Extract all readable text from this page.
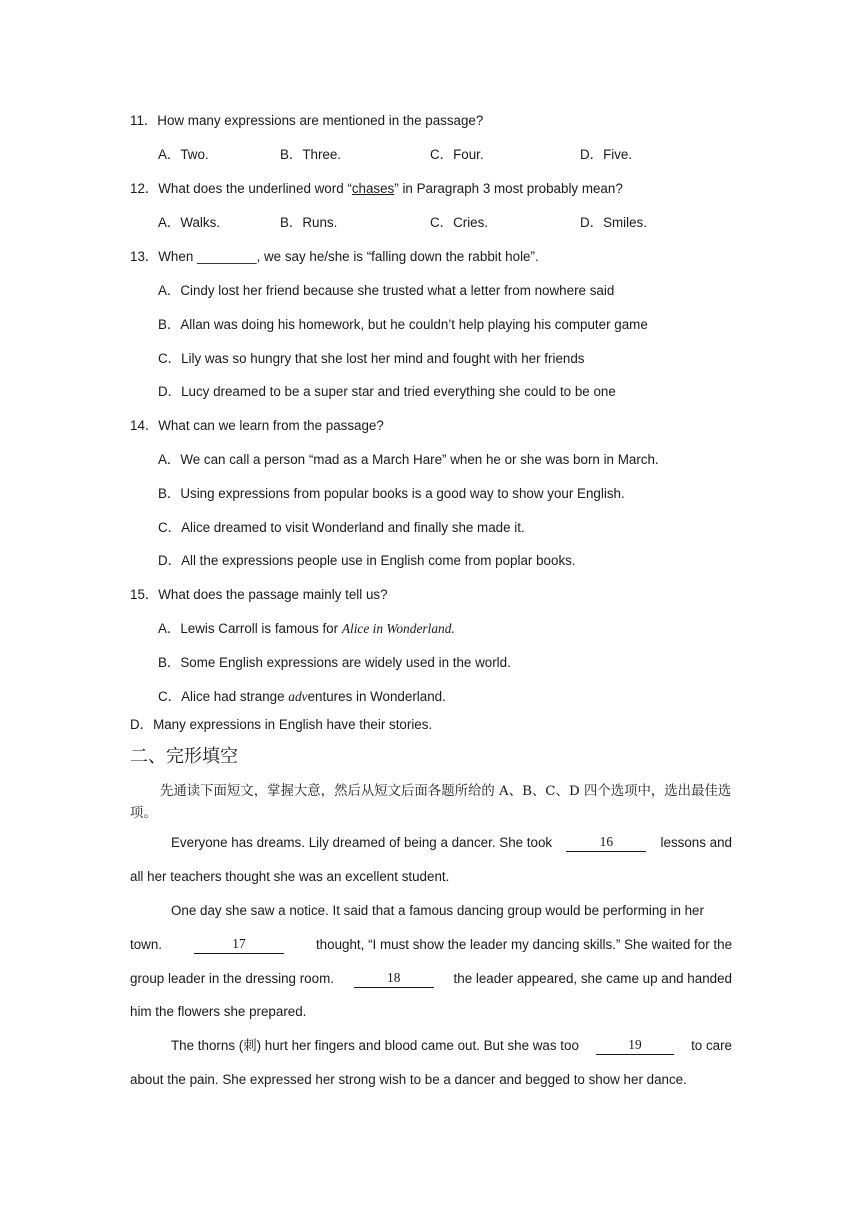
11．How many expressions are mentioned in the passage?
A．Two.	B．Three.	C．Four.	D．Five.
12．What does the underlined word “chases” in Paragraph 3 most probably mean?
A．Walks.	B．Runs.	C．Cries.	D．Smiles.
13．When ________, we say he/she is “falling down the rabbit hole”.
A．Cindy lost her friend because she trusted what a letter from nowhere said
B．Allan was doing his homework, but he couldn’t help playing his computer game
C．Lily was so hungry that she lost her mind and fought with her friends
D．Lucy dreamed to be a super star and tried everything she could to be one
14．What can we learn from the passage?
A．We can call a person “mad as a March Hare” when he or she was born in March.
B．Using expressions from popular books is a good way to show your English.
C．Alice dreamed to visit Wonderland and finally she made it.
D．All the expressions people use in English come from poplar books.
15．What does the passage mainly tell us?
A．Lewis Carroll is famous for Alice in Wonderland.
B．Some English expressions are widely used in the world.
C．Alice had strange adventures in Wonderland.
D．Many expressions in English have their stories.
二、完形填空
先通读下面短文，掌握大意，然后从短文后面各题所给的 A、B、C、D 四个选项中，选出最佳选项。
Everyone has dreams. Lily dreamed of being a dancer. She took	16	lessons and
all her teachers thought she was an excellent student.
One day she saw a notice. It said that a famous dancing group would be performing in her
town.	17	thought, “I must show the leader my dancing skills.” She waited for the
group leader in the dressing room.	18	the leader appeared, she came up and handed
him the flowers she prepared.
The thorns ( 刺 ) hurt her fingers and blood came out. But she was too	19	to care
about the pain. She expressed her strong wish to be a dancer and begged to show her dance.
